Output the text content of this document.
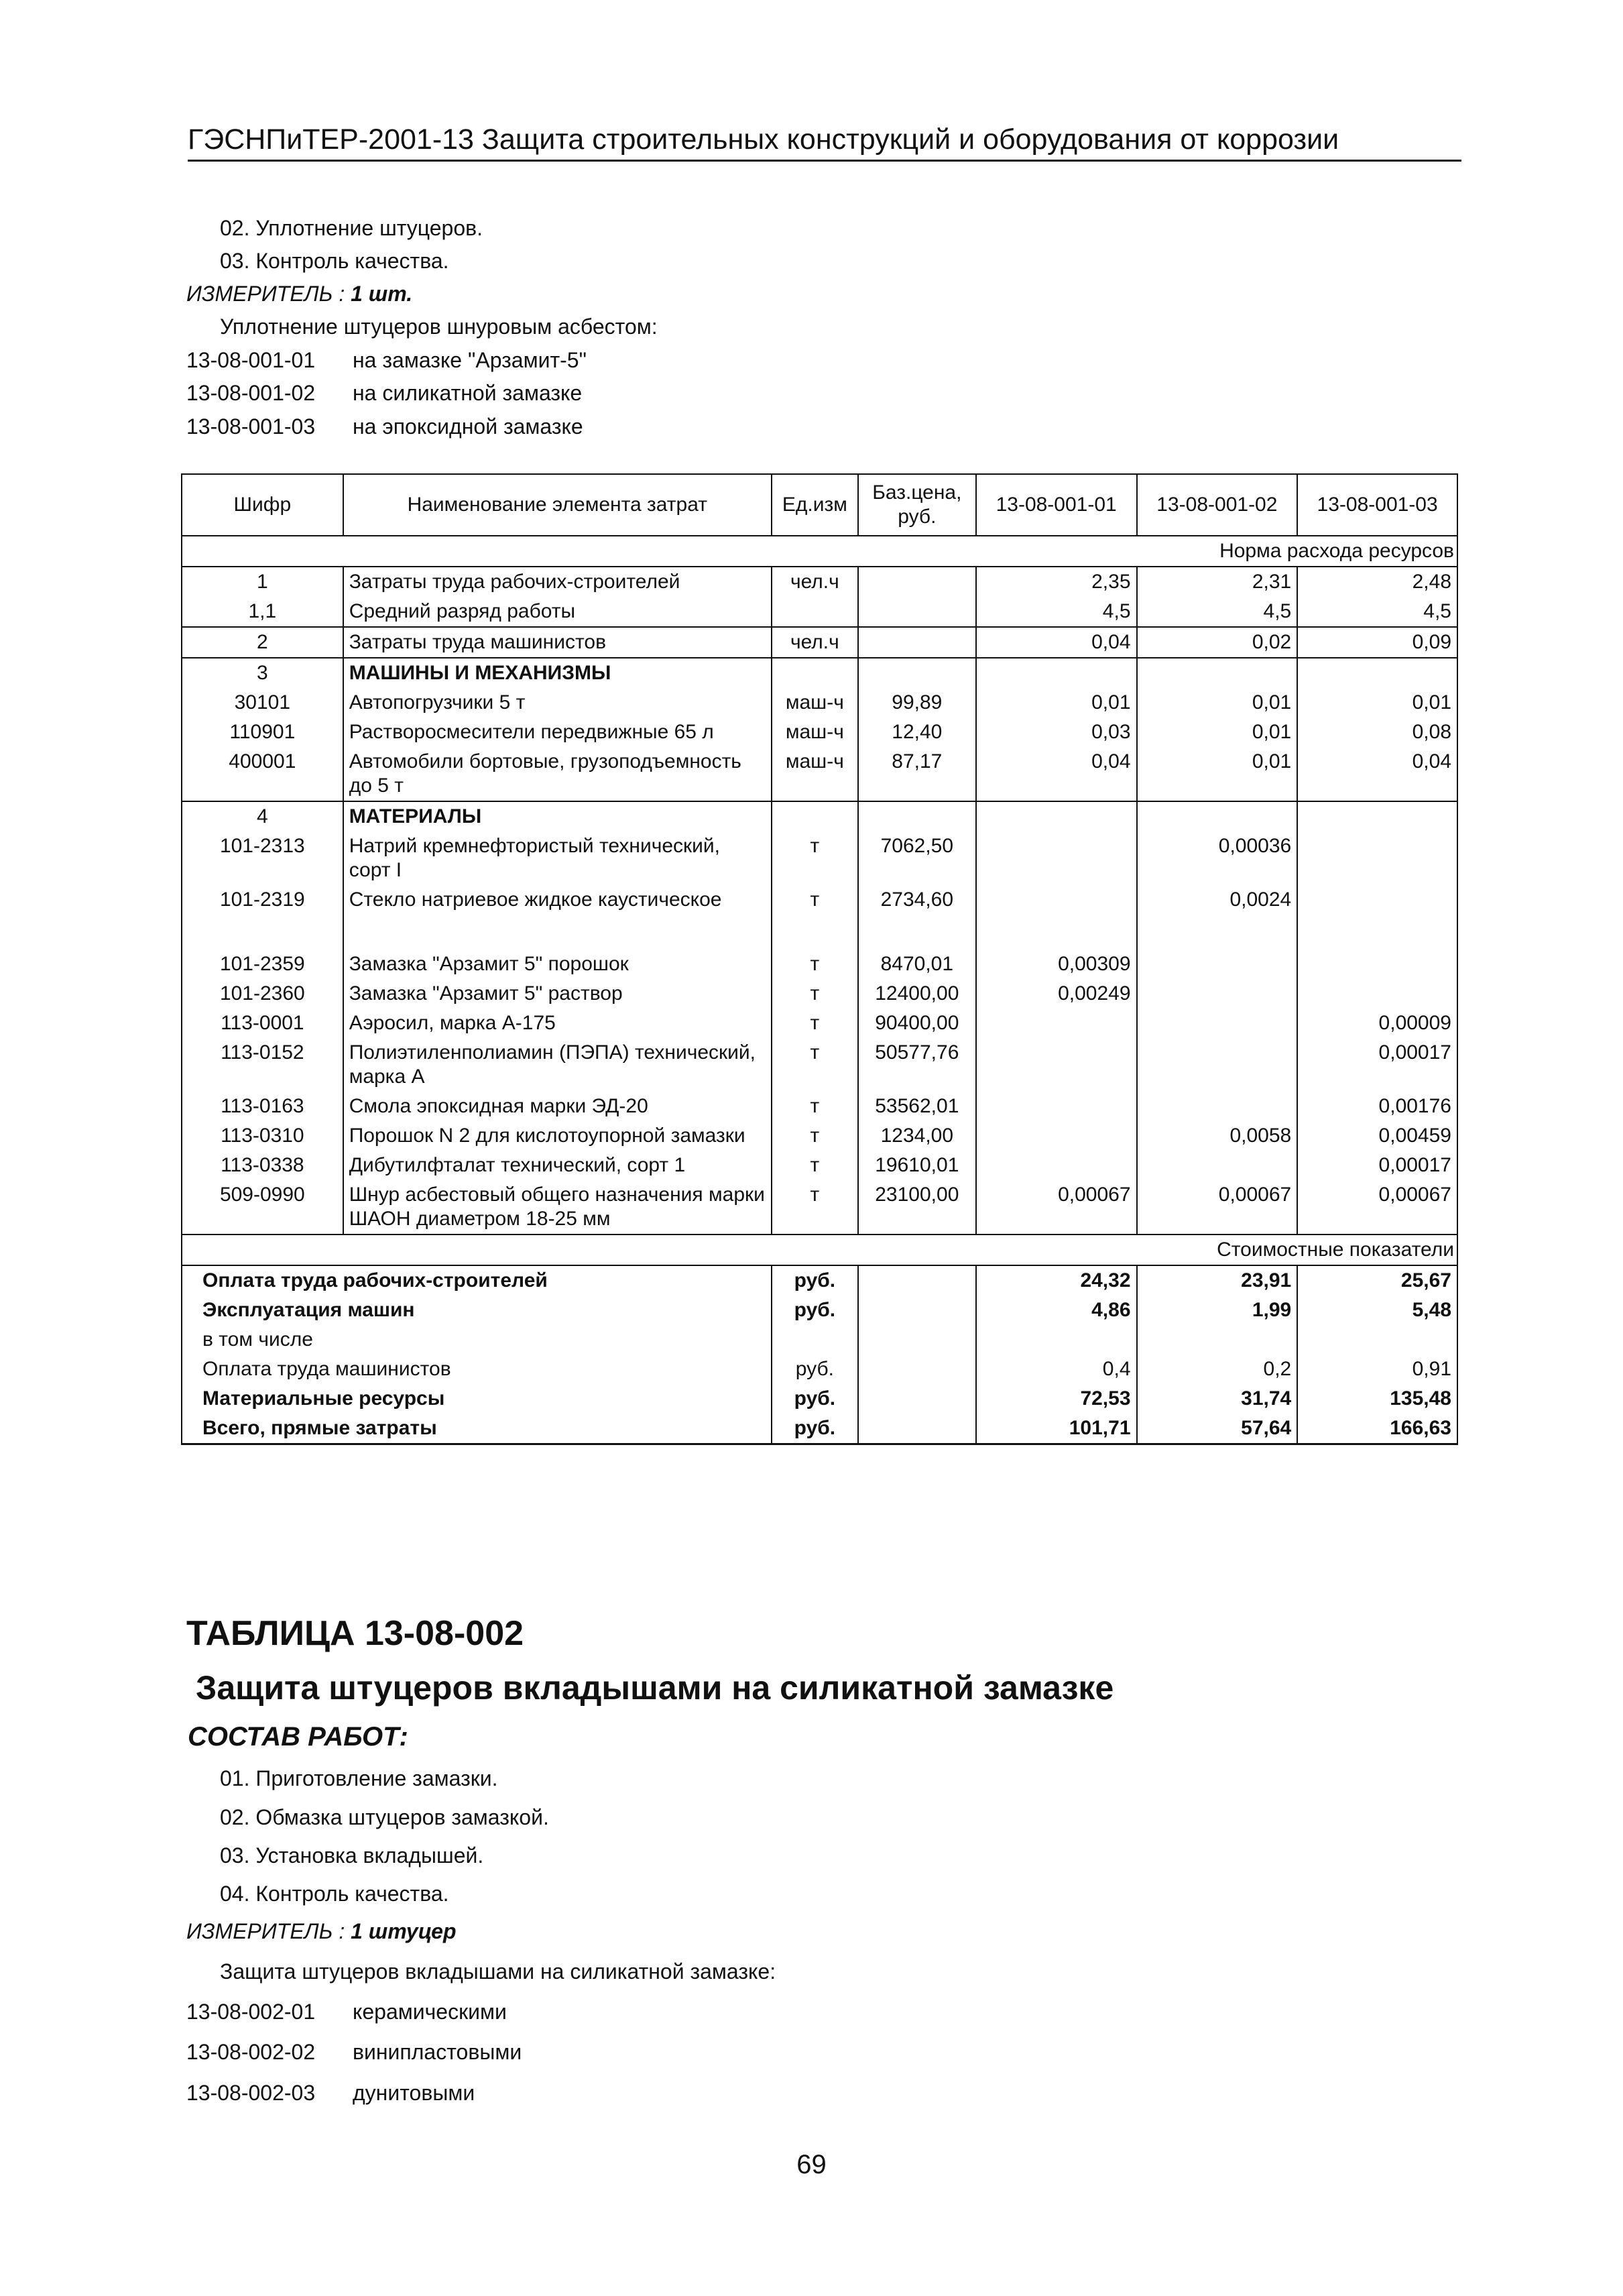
ГЭСНПиТЕР-2001-13 Защита строительных конструкций и оборудования от коррозии
02. Уплотнение штуцеров.
03. Контроль качества.
ИЗМЕРИТЕЛЬ : 1 шт.
Уплотнение штуцеров шнуровым асбестом:
13-08-001-01 на замазке "Арзамит-5"
13-08-001-02 на силикатной замазке
13-08-001-03 на эпоксидной замазке
Шифр	Наименование элемента затрат	Ед.изм	Баз.цена, руб.	13-08-001-01	13-08-001-02	13-08-001-03
Норма расхода ресурсов						
1	Затраты труда рабочих-строителей	чел.ч		2,35	2,31	2,48
1,1	Средний разряд работы			4,5	4,5	4,5
2	Затраты труда машинистов	чел.ч		0,04	0,02	0,09
3	МАШИНЫ И МЕХАНИЗМЫ					
30101	Автопогрузчики 5 т	маш-ч	99,89	0,01	0,01	0,01
110901	Растворосмесители передвижные 65 л	маш-ч	12,40	0,03	0,01	0,08
400001	Автомобили бортовые, грузоподъемность до 5 т	маш-ч	87,17	0,04	0,01	0,04
4	МАТЕРИАЛЫ					
101-2313	Натрий кремнефтористый технический, сорт I	т	7062,50		0,00036	
101-2319	Стекло натриевое жидкое каустическое	т	2734,60		0,0024	

101-2359	Замазка "Арзамит 5" порошок	т	8470,01	0,00309		
101-2360	Замазка "Арзамит 5" раствор	т	12400,00	0,00249		
113-0001	Аэросил, марка А-175	т	90400,00			0,00009
113-0152	Полиэтиленполиамин (ПЭПА) технический, марка А	т	50577,76			0,00017
113-0163	Смола эпоксидная марки ЭД-20	т	53562,01			0,00176
113-0310	Порошок N 2 для кислотоупорной замазки	т	1234,00		0,0058	0,00459
113-0338	Дибутилфталат технический, сорт 1	т	19610,01			0,00017
509-0990	Шнур асбестовый общего назначения марки ШАОН диаметром 18-25 мм	т	23100,00	0,00067	0,00067	0,00067
Стоимостные показатели						
Оплата труда рабочих-строителей		руб.		24,32	23,91	25,67
Эксплуатация машин		руб.		4,86	1,99	5,48
в том числе						
Оплата труда машинистов		руб.		0,4	0,2	0,91
Материальные ресурсы		руб.		72,53	31,74	135,48
Всего, прямые затраты		руб.		101,71	57,64	166,63
ТАБЛИЦА 13-08-002
Защита штуцеров вкладышами на силикатной замазке
СОСТАВ РАБОТ:
01. Приготовление замазки.
02. Обмазка штуцеров замазкой.
03. Установка вкладышей.
04. Контроль качества.
ИЗМЕРИТЕЛЬ : 1 штуцер
Защита штуцеров вкладышами на силикатной замазке:
13-08-002-01 керамическими
13-08-002-02 винипластовыми
13-08-002-03 дунитовыми
69
